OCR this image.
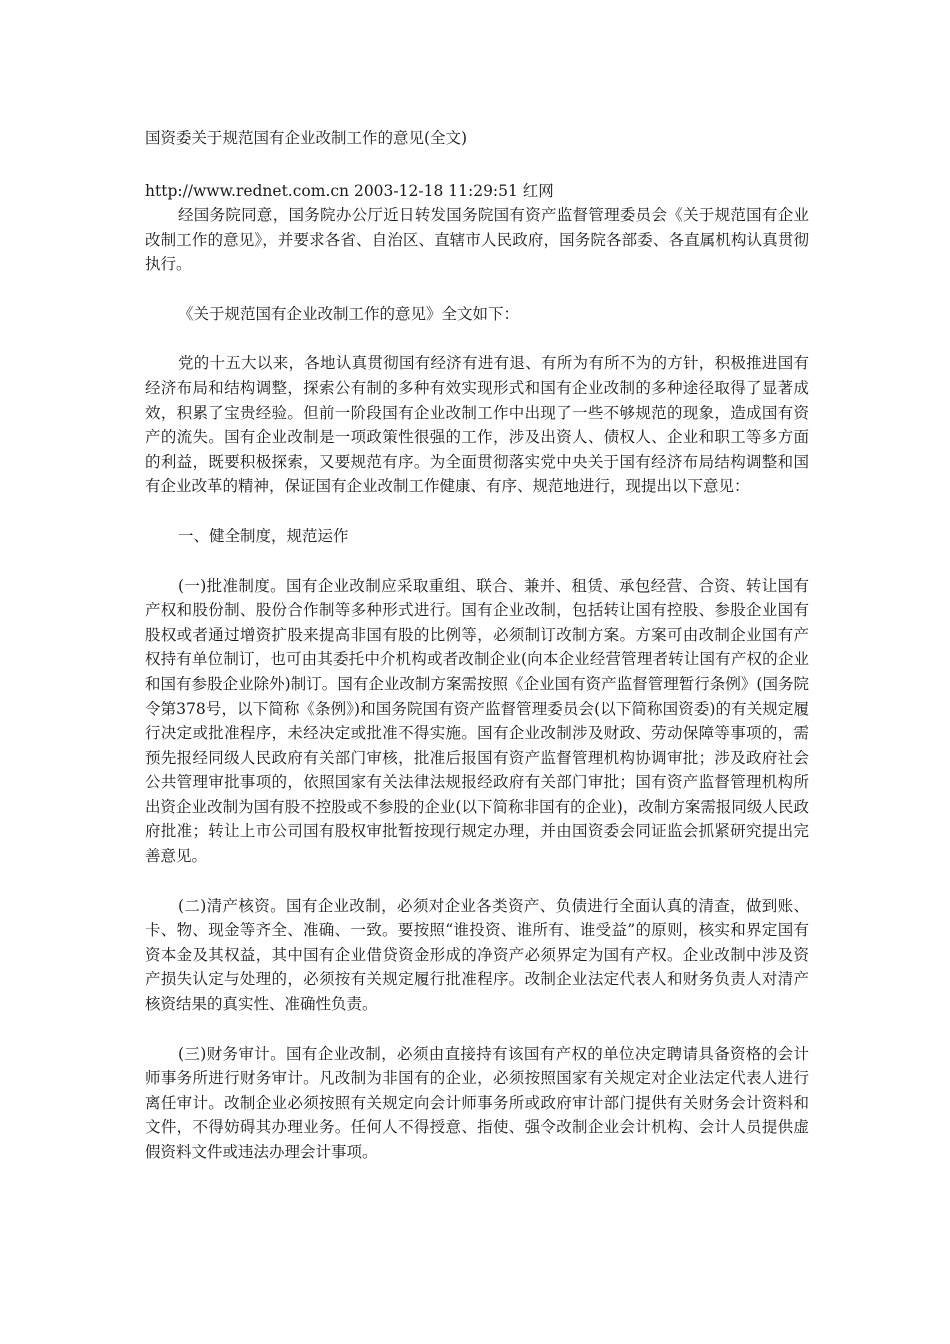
国资委关于规范国有企业改制工作的意见(全文)

http://www.rednet.com.cn 2003-12-18 11:29:51 红网

经国务院同意，国务院办公厅近日转发国务院国有资产监督管理委员会《关于规范国有企业改制工作的意见》，并要求各省、自治区、直辖市人民政府，国务院各部委、各直属机构认真贯彻执行。

《关于规范国有企业改制工作的意见》全文如下：

党的十五大以来，各地认真贯彻国有经济有进有退、有所为有所不为的方针，积极推进国有经济布局和结构调整，探索公有制的多种有效实现形式和国有企业改制的多种途径取得了显著成效，积累了宝贵经验。但前一阶段国有企业改制工作中出现了一些不够规范的现象，造成国有资产的流失。国有企业改制是一项政策性很强的工作，涉及出资人、债权人、企业和职工等多方面的利益，既要积极探索，又要规范有序。为全面贯彻落实党中央关于国有经济布局结构调整和国有企业改革的精神，保证国有企业改制工作健康、有序、规范地进行，现提出以下意见：

一、健全制度，规范运作

(一)批准制度。国有企业改制应采取重组、联合、兼并、租赁、承包经营、合资、转让国有产权和股份制、股份合作制等多种形式进行。国有企业改制，包括转让国有控股、参股企业国有股权或者通过增资扩股来提高非国有股的比例等，必须制订改制方案。方案可由改制企业国有产权持有单位制订，也可由其委托中介机构或者改制企业(向本企业经营管理者转让国有产权的企业和国有参股企业除外)制订。国有企业改制方案需按照《企业国有资产监督管理暂行条例》(国务院令第378号，以下简称《条例》)和国务院国有资产监督管理委员会(以下简称国资委)的有关规定履行决定或批准程序，未经决定或批准不得实施。国有企业改制涉及财政、劳动保障等事项的，需预先报经同级人民政府有关部门审核，批准后报国有资产监督管理机构协调审批；涉及政府社会公共管理审批事项的，依照国家有关法律法规报经政府有关部门审批；国有资产监督管理机构所出资企业改制为国有股不控股或不参股的企业(以下简称非国有的企业)，改制方案需报同级人民政府批准；转让上市公司国有股权审批暂按现行规定办理，并由国资委会同证监会抓紧研究提出完善意见。

(二)清产核资。国有企业改制，必须对企业各类资产、负债进行全面认真的清查，做到账、卡、物、现金等齐全、准确、一致。要按照“谁投资、谁所有、谁受益”的原则，核实和界定国有资本金及其权益，其中国有企业借贷资金形成的净资产必须界定为国有产权。企业改制中涉及资产损失认定与处理的，必须按有关规定履行批准程序。改制企业法定代表人和财务负责人对清产核资结果的真实性、准确性负责。

(三)财务审计。国有企业改制，必须由直接持有该国有产权的单位决定聘请具备资格的会计师事务所进行财务审计。凡改制为非国有的企业，必须按照国家有关规定对企业法定代表人进行离任审计。改制企业必须按照有关规定向会计师事务所或政府审计部门提供有关财务会计资料和文件，不得妨碍其办理业务。任何人不得授意、指使、强令改制企业会计机构、会计人员提供虚假资料文件或违法办理会计事项。
